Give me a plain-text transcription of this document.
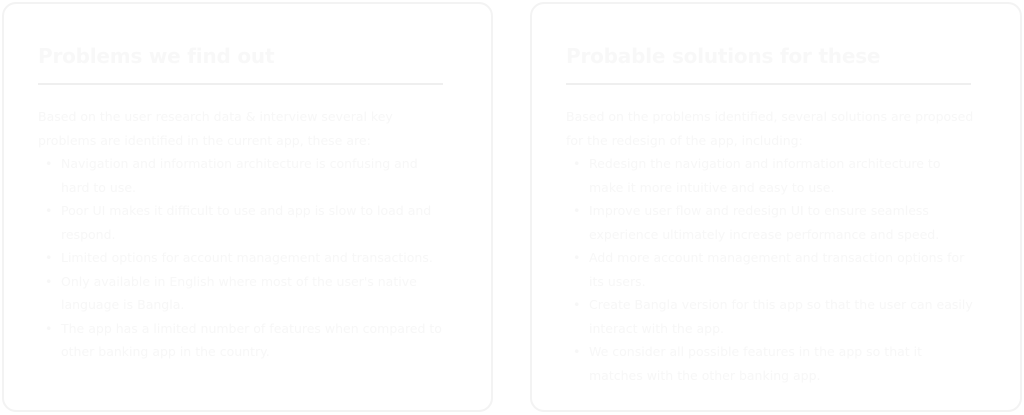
Problems we find out
Based on the user research data & interview several key problems are identified in the current app, these are:
• Navigation and information architecture is confusing and hard to use.
• Poor UI makes it difficult to use and app is slow to load and respond.
• Limited options for account management and transactions.
• Only available in English where most of the user's native language is Bangla.
• The app has a limited number of features when compared to other banking app in the country.
Probable solutions for these
Based on the problems identified, several solutions are proposed for the redesign of the app, including:
• Redesign the navigation and information architecture to make it more intuitive and easy to use.
• Improve user flow and redesign UI to ensure seamless experience ultimately increase performance and speed.
• Add more account management and transaction options for its users.
• Create Bangla version for this app so that the user can easily interact with the app.
• We consider all possible features in the app so that it matches with the other banking app.
